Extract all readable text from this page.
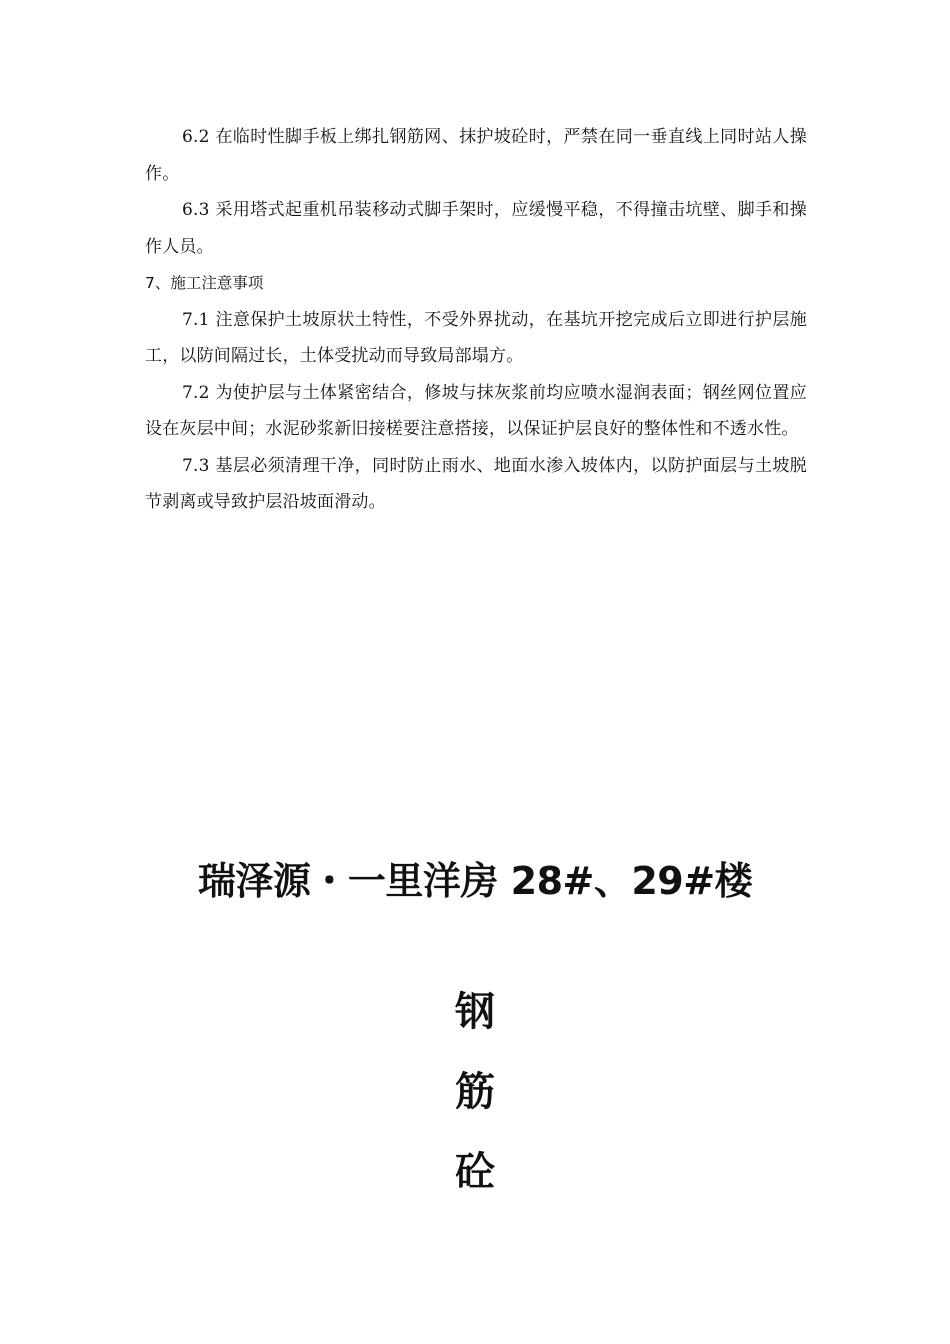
6.2 在临时性脚手板上绑扎钢筋网、抹护坡砼时，严禁在同一垂直线上同时站人操作。

6.3 采用塔式起重机吊装移动式脚手架时，应缓慢平稳，不得撞击坑壁、脚手和操作人员。

7、施工注意事项

7.1 注意保护土坡原状土特性，不受外界扰动，在基坑开挖完成后立即进行护层施工，以防间隔过长，土体受扰动而导致局部塌方。

7.2 为使护层与土体紧密结合，修坡与抹灰浆前均应喷水湿润表面；钢丝网位置应设在灰层中间；水泥砂浆新旧接槎要注意搭接，以保证护层良好的整体性和不透水性。

7.3 基层必须清理干净，同时防止雨水、地面水渗入坡体内，以防护面层与土坡脱节剥离或导致护层沿坡面滑动。

瑞泽源・一里洋房 28#、29#楼
钢
筋
砼
